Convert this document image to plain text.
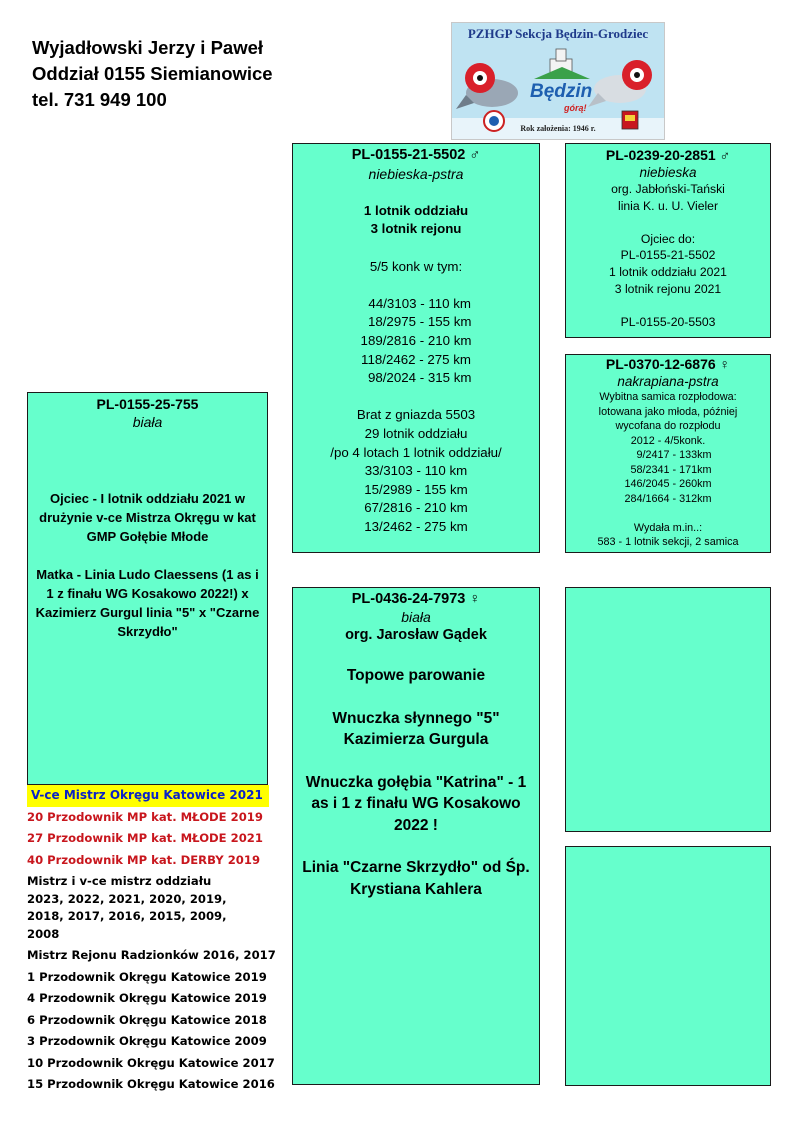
Wyjadłowski Jerzy i Paweł
Oddział 0155 Siemianowice
tel. 731 949 100
PZHGP Sekcja Będzin-Grodziec
Będzin
górą!
Rok założenia: 1946 r.
PL-0155-21-5502 ♂
niebieska-pstra

1 lotnik oddziału
3 lotnik rejonu

5/5 konk w tym:

44/3103 - 110 km
18/2975 - 155 km
189/2816 - 210 km
118/2462 - 275 km
98/2024 - 315 km

Brat z gniazda 5503
29 lotnik oddziału
/po 4 lotach 1 lotnik oddziału/
33/3103 - 110 km
15/2989 - 155 km
67/2816 - 210 km
13/2462 - 275 km
PL-0239-20-2851 ♂
niebieska
org. Jabłoński-Tański
linia K. u. U. Vieler

Ojciec do:
PL-0155-21-5502
1 lotnik oddziału 2021
3 lotnik rejonu 2021

PL-0155-20-5503
PL-0370-12-6876 ♀
nakrapiana-pstra
Wybitna samica rozpłodowa:
lotowana jako młoda, później
wycofana do rozpłodu
2012 - 4/5konk.
9/2417 - 133km
58/2341 - 171km
146/2045 - 260km
284/1664 - 312km

Wydała m.in..:
583 - 1 lotnik sekcji, 2 samica
PL-0155-25-755
biała
Ojciec - I lotnik oddziału 2021 w drużynie v-ce Mistrza Okręgu w kat GMP Gołębie Młode
Matka - Linia Ludo Claessens (1 as i 1 z finału WG Kosakowo 2022!) x Kazimierz Gurgul linia "5" x "Czarne Skrzydło"
PL-0436-24-7973 ♀
biała
org. Jarosław Gądek
Topowe parowanie
Wnuczka słynnego "5" Kazimierza Gurgula
Wnuczka gołębia "Katrina" - 1 as i 1 z finału WG Kosakowo 2022 !
Linia "Czarne Skrzydło" od Śp. Krystiana Kahlera
V-ce Mistrz Okręgu Katowice 2021
20 Przodownik MP kat. MŁODE 2019
27 Przodownik MP kat. MŁODE 2021
40 Przodownik MP kat. DERBY 2019
Mistrz i v-ce mistrz oddziału
2023, 2022, 2021, 2020, 2019,
2018, 2017, 2016, 2015, 2009,
2008
Mistrz Rejonu Radzionków 2016, 2017
1 Przodownik Okręgu Katowice 2019
4 Przodownik Okręgu Katowice 2019
6 Przodownik Okręgu Katowice 2018
3 Przodownik Okręgu Katowice 2009
10 Przodownik Okręgu Katowice 2017
15 Przodownik Okręgu Katowice 2016
